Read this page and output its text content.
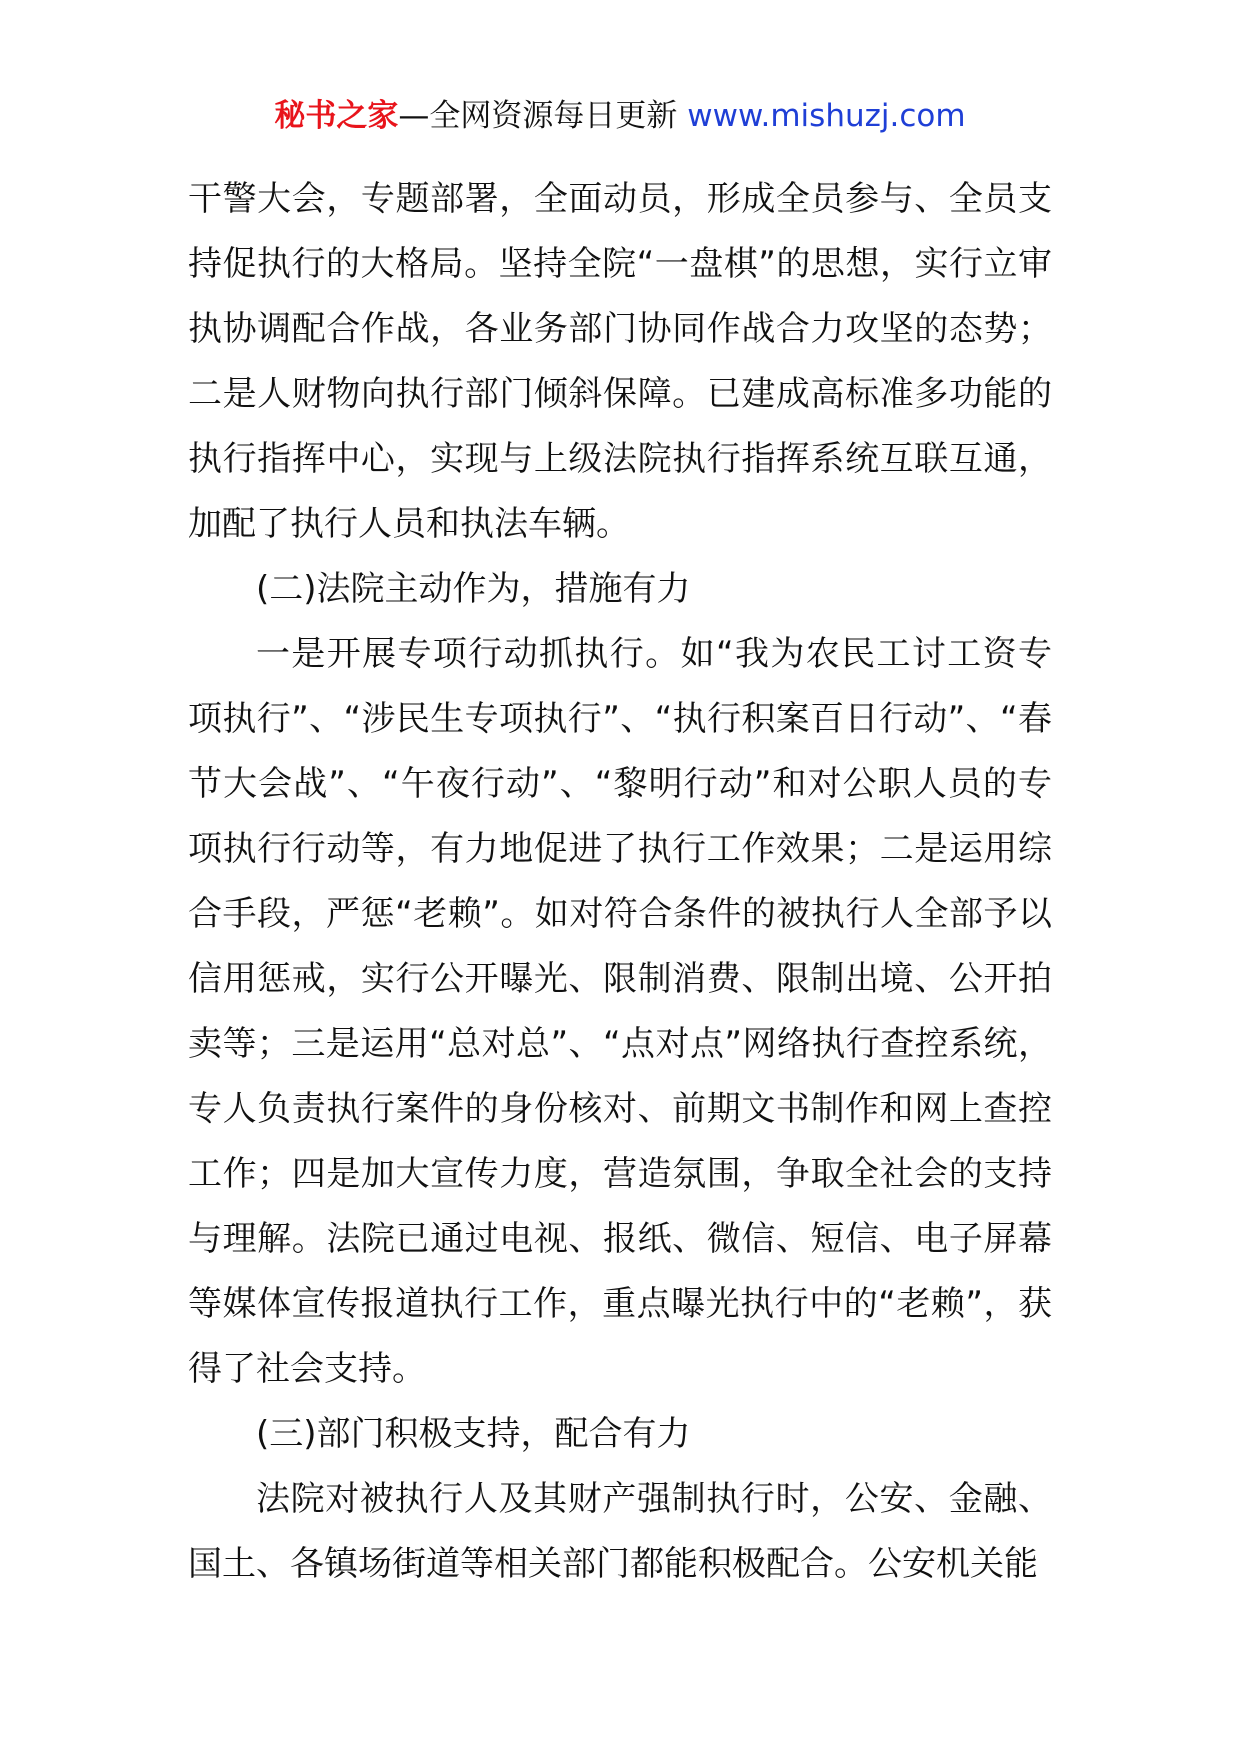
秘书之家—全网资源每日更新 www.mishuzj.com

干警大会，专题部署，全面动员，形成全员参与、全员支持促执行的大格局。坚持全院“一盘棋”的思想，实行立审执协调配合作战，各业务部门协同作战合力攻坚的态势；二是人财物向执行部门倾斜保障。已建成高标准多功能的执行指挥中心，实现与上级法院执行指挥系统互联互通，加配了执行人员和执法车辆。

(二)法院主动作为，措施有力

一是开展专项行动抓执行。如“我为农民工讨工资专项执行”、“涉民生专项执行”、“执行积案百日行动”、“春节大会战”、“午夜行动”、“黎明行动”和对公职人员的专项执行行动等，有力地促进了执行工作效果；二是运用综合手段，严惩“老赖”。如对符合条件的被执行人全部予以信用惩戒，实行公开曝光、限制消费、限制出境、公开拍卖等；三是运用“总对总”、“点对点”网络执行查控系统，专人负责执行案件的身份核对、前期文书制作和网上查控工作；四是加大宣传力度，营造氛围，争取全社会的支持与理解。法院已通过电视、报纸、微信、短信、电子屏幕等媒体宣传报道执行工作，重点曝光执行中的“老赖”，获得了社会支持。

(三)部门积极支持，配合有力

法院对被执行人及其财产强制执行时，公安、金融、国土、各镇场街道等相关部门都能积极配合。公安机关能
